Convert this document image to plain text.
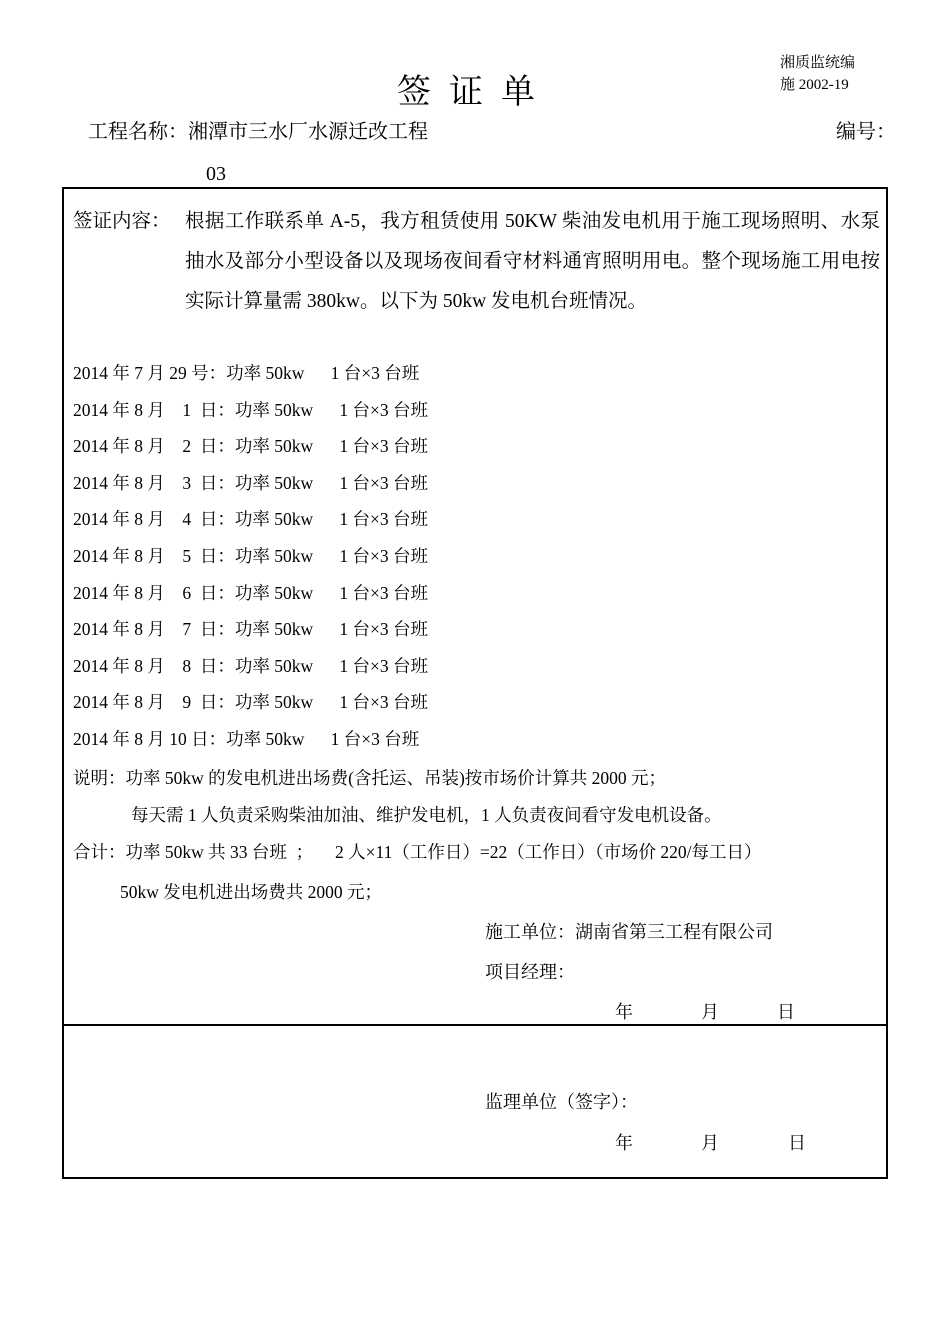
湘质监统编
施 2002-19
签证单
工程名称：湘潭市三水厂水源迁改工程	编号：
03
签证内容： 根据工作联系单 A-5，我方租赁使用 50KW 柴油发电机用于施工现场照明、水泵抽水及部分小型设备以及现场夜间看守材料通宵照明用电。整个现场施工用电按实际计算量需 380kw。以下为 50kw 发电机台班情况。
2014 年 7 月 29 号：功率 50kw      1 台×3 台班
2014 年 8 月    1  日：功率 50kw      1 台×3 台班
2014 年 8 月    2  日：功率 50kw      1 台×3 台班
2014 年 8 月    3  日：功率 50kw      1 台×3 台班
2014 年 8 月    4  日：功率 50kw      1 台×3 台班
2014 年 8 月    5  日：功率 50kw      1 台×3 台班
2014 年 8 月    6  日：功率 50kw      1 台×3 台班
2014 年 8 月    7  日：功率 50kw      1 台×3 台班
2014 年 8 月    8  日：功率 50kw      1 台×3 台班
2014 年 8 月    9  日：功率 50kw      1 台×3 台班
2014 年 8 月 10 日：功率 50kw      1 台×3 台班
说明：功率 50kw 的发电机进出场费(含托运、吊装)按市场价计算共 2000 元；
每天需 1 人负责采购柴油加油、维护发电机，1 人负责夜间看守发电机设备。
合计：功率 50kw 共 33 台班  ；     2 人×11（工作日）=22（工作日）（市场价 220/每工日）
50kw 发电机进出场费共 2000 元；
施工单位：湖南省第三工程有限公司
项目经理：
年	月	日
监理单位（签字）：
年	月	日
